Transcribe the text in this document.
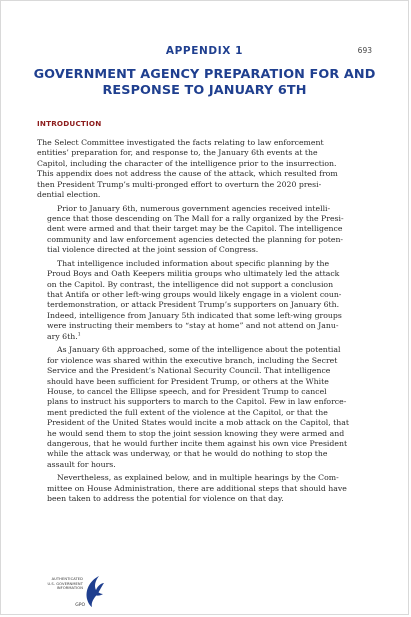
APPENDIX 1	693
GOVERNMENT AGENCY PREPARATION FOR AND
RESPONSE TO JANUARY 6TH
INTRODUCTION

The Select Committee investigated the facts relating to law enforcement
entities’ preparation for, and response to, the January 6th events at the
Capitol, including the character of the intelligence prior to the insurrection.
This appendix does not address the cause of the attack, which resulted from
then President Trump’s multi-pronged effort to overturn the 2020 presi-
dential election.

Prior to January 6th, numerous government agencies received intelli-
gence that those descending on The Mall for a rally organized by the Presi-
dent were armed and that their target may be the Capitol. The intelligence
community and law enforcement agencies detected the planning for poten-
tial violence directed at the joint session of Congress.

That intelligence included information about specific planning by the
Proud Boys and Oath Keepers militia groups who ultimately led the attack
on the Capitol. By contrast, the intelligence did not support a conclusion
that Antifa or other left-wing groups would likely engage in a violent coun-
terdemonstration, or attack President Trump’s supporters on January 6th.
Indeed, intelligence from January 5th indicated that some left-wing groups
were instructing their members to “stay at home” and not attend on Janu-
ary 6th.$^1$

As January 6th approached, some of the intelligence about the potential
for violence was shared within the executive branch, including the Secret
Service and the President’s National Security Council. That intelligence
should have been sufficient for President Trump, or others at the White
House, to cancel the Ellipse speech, and for President Trump to cancel
plans to instruct his supporters to march to the Capitol. Few in law enforce-
ment predicted the full extent of the violence at the Capitol, or that the
President of the United States would incite a mob attack on the Capitol, that
he would send them to stop the joint session knowing they were armed and
dangerous, that he would further incite them against his own vice President
while the attack was underway, or that he would do nothing to stop the
assault for hours.

Nevertheless, as explained below, and in multiple hearings by the Com-
mittee on House Administration, there are additional steps that should have
been taken to address the potential for violence on that day.

AUTHENTICATED
U.S. GOVERNMENT
INFORMATION
GPO
